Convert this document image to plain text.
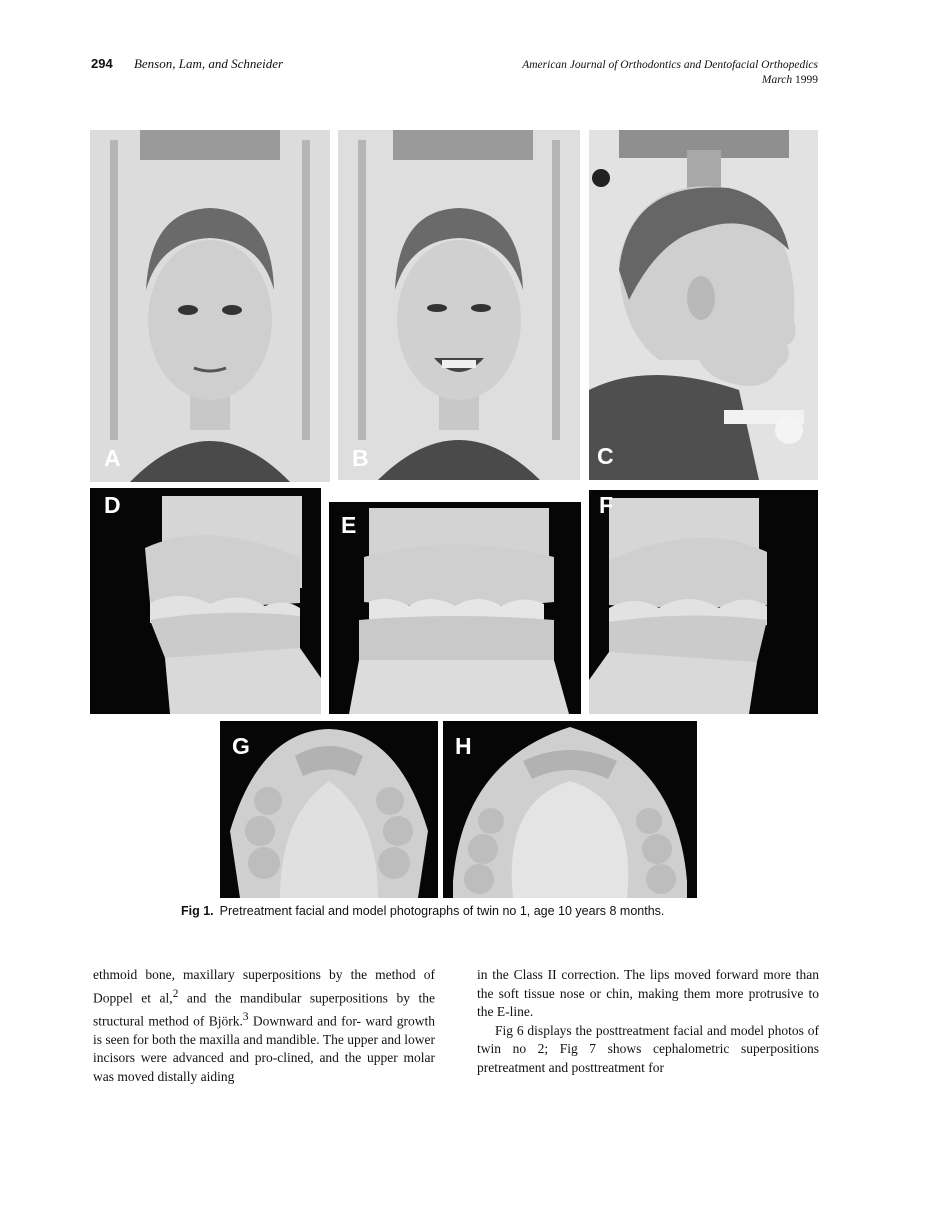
294 Benson, Lam, and Schneider	American Journal of Orthodontics and Dentofacial Orthopedics
March 1999
A	B	C
D
E
F
G	H
Fig 1. Pretreatment facial and model photographs of twin no 1, age 10 years 8 months.

ethmoid bone, maxillary superpositions by the method of Doppel et al,$^2$ and the mandibular superpositions by the structural method of Björk.$^3$ Downward and for- ward growth is seen for both the maxilla and mandible. The upper and lower incisors were advanced and pro-clined, and the upper molar was moved distally aiding

in the Class II correction. The lips moved forward more than the soft tissue nose or chin, making them more protrusive to the E-line.

Fig 6 displays the posttreatment facial and model photos of twin no 2; Fig 7 shows cephalometric superpositions pretreatment and posttreatment for
